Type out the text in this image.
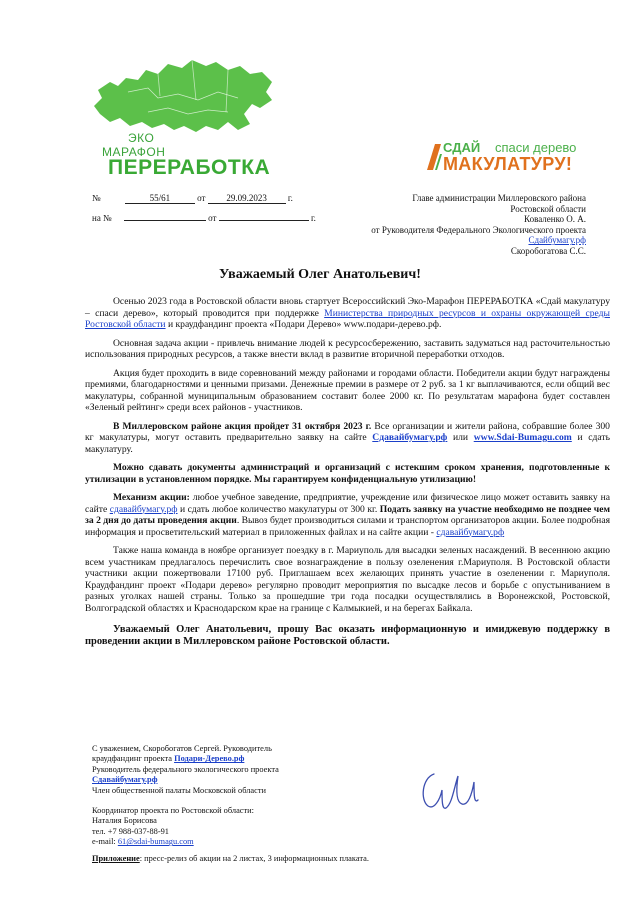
ЭКО
МАРАФОН
ПЕРЕРАБОТКА
СДАЙ спаси дерево
МАКУЛАТУРУ!
№	55/61	от 29.09.2023 г.
на №	от	г.
Главе администрации Миллеровского района
Ростовской области
Коваленко О. А.
от Руководителя Федерального Экологического проекта
Сдайбумагу.рф
Скоробогатова С.С.
Уважаемый Олег Анатольевич!

Осенью 2023 года в Ростовской области вновь стартует Всероссийский Эко-Марафон ПЕРЕРАБОТКА «Сдай макулатуру – спаси дерево», который проводится при поддержке Министерства природных ресурсов и охраны окружающей среды Ростовской области и краудфандинг проекта «Подари Дерево» www.подари-дерево.рф.

Основная задача акции - привлечь внимание людей к ресурсосбережению, заставить задуматься над расточительностью использования природных ресурсов, а также внести вклад в развитие вторичной переработки отходов.

Акция будет проходить в виде соревнований между районами и городами области. Победители акции будут награждены премиями, благодарностями и ценными призами. Денежные премии в размере от 2 руб. за 1 кг выплачиваются, если общий вес макулатуры, собранной муниципальным образованием составит более 2000 кг. По результатам марафона будет составлен «Зеленый рейтинг» среди всех районов - участников.

В Миллеровском районе акция пройдет 31 октября 2023 г. Все организации и жители района, собравшие более 300 кг макулатуры, могут оставить предварительно заявку на сайте Сдавайбумагу.рф или www.Sdai-Bumagu.com и сдать макулатуру.

Можно сдавать документы администраций и организаций с истекшим сроком хранения, подготовленные к утилизации в установленном порядке. Мы гарантируем конфиденциальную утилизацию!

Механизм акции: любое учебное заведение, предприятие, учреждение или физическое лицо может оставить заявку на сайте сдавайбумагу.рф и сдать любое количество макулатуры от 300 кг. Подать заявку на участие необходимо не позднее чем за 2 дня до даты проведения акции. Вывоз будет производиться силами и транспортом организаторов акции. Более подробная информация и просветительский материал в приложенных файлах и на сайте акции - сдавайбумагу.рф

Также наша команда в ноябре организует поездку в г. Мариуполь для высадки зеленых насаждений. В весеннюю акцию всем участникам предлагалось перечислить свое вознаграждение в пользу озеленения г.Мариуполя. В Ростовской области участники акции пожертвовали 17100 руб. Приглашаем всех желающих принять участие в озеленении г. Мариуполя. Краудфандинг проект «Подари дерево» регулярно проводит мероприятия по высадке лесов и борьбе с опустыниванием в разных уголках нашей страны. Только за прошедшие три года посадки осуществлялись в Воронежской, Ростовской, Волгоградской областях и Краснодарском крае на границе с Калмыкией, и на берегах Байкала.

Уважаемый Олег Анатольевич, прошу Вас оказать информационную и имиджевую поддержку в проведении акции в Миллеровском районе Ростовской области.

С уважением, Скоробогатов Сергей. Руководитель
краудфандинг проекта Подари-Дерево.рф
Руководитель федерального экологического проекта
Сдавайбумагу.рф
Член общественной палаты Московской области
Координатор проекта по Ростовской области:
Наталия Борисова
тел. +7 988-037-88-91
e-mail: 61@sdai-bumagu.com
Приложение: пресс-релиз об акции на 2 листах, 3 информационных плаката.
